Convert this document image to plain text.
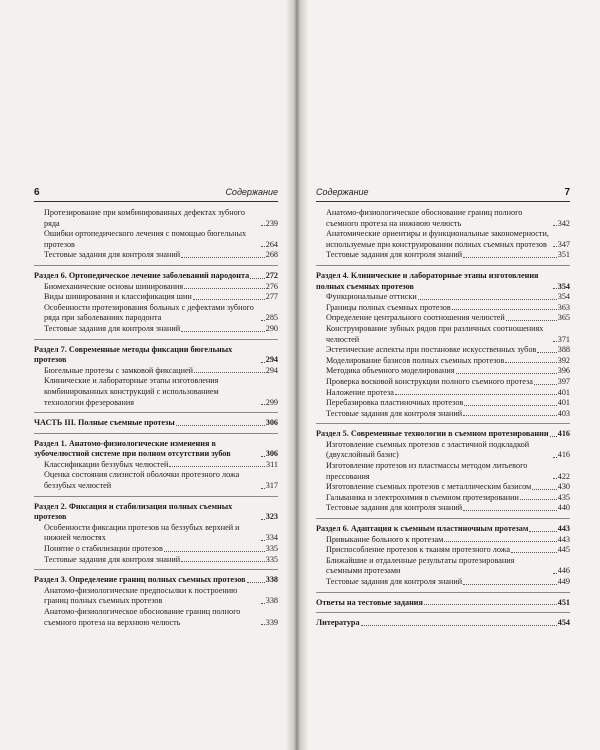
6	Содержание
Протезирование при комбинированных дефектах зубного ряда	239
Ошибки ортопедического лечения с помощью бюгельных протезов	264
Тестовые задания для контроля знаний	268
Раздел 6. Ортопедическое лечение заболеваний пародонта 272
Биомеханические основы шинирования	276
Виды шинирования и классификация шин	277
Особенности протезирования больных с дефектами зубного ряда при заболеваниях пародонта	285
Тестовые задания для контроля знаний	290
Раздел 7. Современные методы фиксации бюгельных протезов	294
Бюгельные протезы с замковой фиксацией	294
Клинические и лабораторные этапы изготовления комбинированных конструкций с использованием технологии фрезерования	299
ЧАСТЬ III. Полные съемные протезы	306
Раздел 1. Анатомо-физиологические изменения в зубочелюстной системе при полном отсутствии зубов	306
Классификации беззубых челюстей	311
Оценка состояния слизистой оболочки протезного ложа беззубых челюстей	317
Раздел 2. Фиксация и стабилизация полных съемных протезов	323
Особенности фиксации протезов на беззубых верхней и нижней челюстях	334
Понятие о стабилизации протезов	335
Тестовые задания для контроля знаний	335
Раздел 3. Определение границ полных съемных протезов 338
Анатомо-физиологические предпосылки к построению границ полных съемных протезов	338
Анатомо-физиологическое обоснование границ полного съемного протеза на верхнюю челюсть	339
Содержание	7
Анатомо-физиологическое обоснование границ полного съемного протеза на нижнюю челюсть	342
Анатомические ориентиры и функциональные закономерности, используемые при конструировании полных съемных протезов	347
Тестовые задания для контроля знаний	351
Раздел 4. Клинические и лабораторные этапы изготовления полных съемных протезов	354
Функциональные оттиски	354
Границы полных съемных протезов	363
Определение центрального соотношения челюстей	365
Конструирование зубных рядов при различных соотношениях челюстей	371
Эстетические аспекты при постановке искусственных зубов	388
Моделирование базисов полных съемных протезов	392
Методика объемного моделирования	396
Проверка восковой конструкции полного съемного протеза	397
Наложение протеза	401
Перебазировка пластиночных протезов	401
Тестовые задания для контроля знаний	403
Раздел 5. Современные технологии в съемном протезировании 416
Изготовление съемных протезов с эластичной подкладкой (двухслойный базис)	416
Изготовление протезов из пластмассы методом литьевого прессования	422
Изготовление съемных протезов с металлическим базисом	430
Гальваника и электрохимия в съемном протезировании	435
Тестовые задания для контроля знаний	440
Раздел 6. Адаптация к съемным пластиночным протезам	443
Привыкание больного к протезам	443
Приспособление протезов к тканям протезного ложа	445
Ближайшие и отдаленные результаты протезирования съемными протезами	446
Тестовые задания для контроля знаний	449
Ответы на тестовые задания	451
Литература	454
